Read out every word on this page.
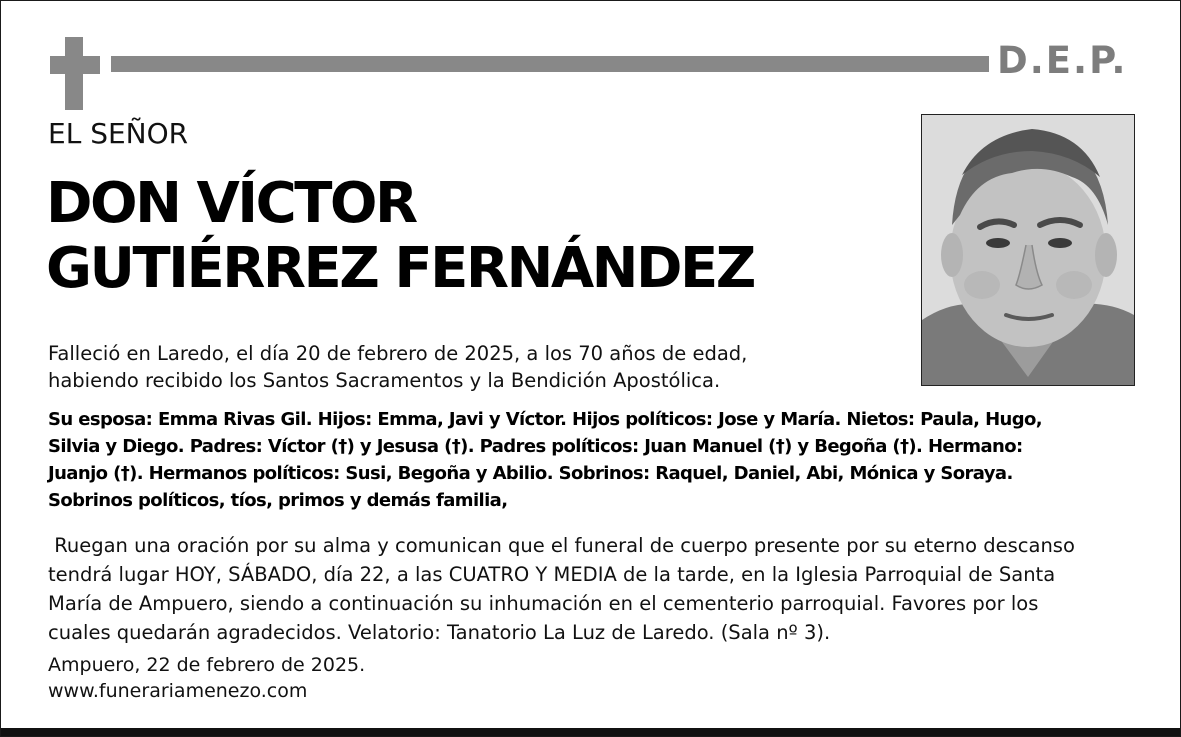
D.E.P.
EL SEÑOR
DON VÍCTOR
GUTIÉRREZ FERNÁNDEZ
Falleció en Laredo, el día 20 de febrero de 2025, a los 70 años de edad,
habiendo recibido los Santos Sacramentos y la Bendición Apostólica.
Su esposa: Emma Rivas Gil. Hijos: Emma, Javi y Víctor. Hijos políticos: Jose y María. Nietos: Paula, Hugo,
Silvia y Diego. Padres: Víctor (†) y Jesusa (†). Padres políticos: Juan Manuel (†) y Begoña (†). Hermano:
Juanjo (†). Hermanos políticos: Susi, Begoña y Abilio. Sobrinos: Raquel, Daniel, Abi, Mónica y Soraya.
Sobrinos políticos, tíos, primos y demás familia,
Ruegan una oración por su alma y comunican que el funeral de cuerpo presente por su eterno descanso
tendrá lugar HOY, SÁBADO, día 22, a las CUATRO Y MEDIA de la tarde, en la Iglesia Parroquial de Santa
María de Ampuero, siendo a continuación su inhumación en el cementerio parroquial. Favores por los
cuales quedarán agradecidos. Velatorio: Tanatorio La Luz de Laredo. (Sala nº 3).
Ampuero, 22 de febrero de 2025.
www.funerariamenezo.com
